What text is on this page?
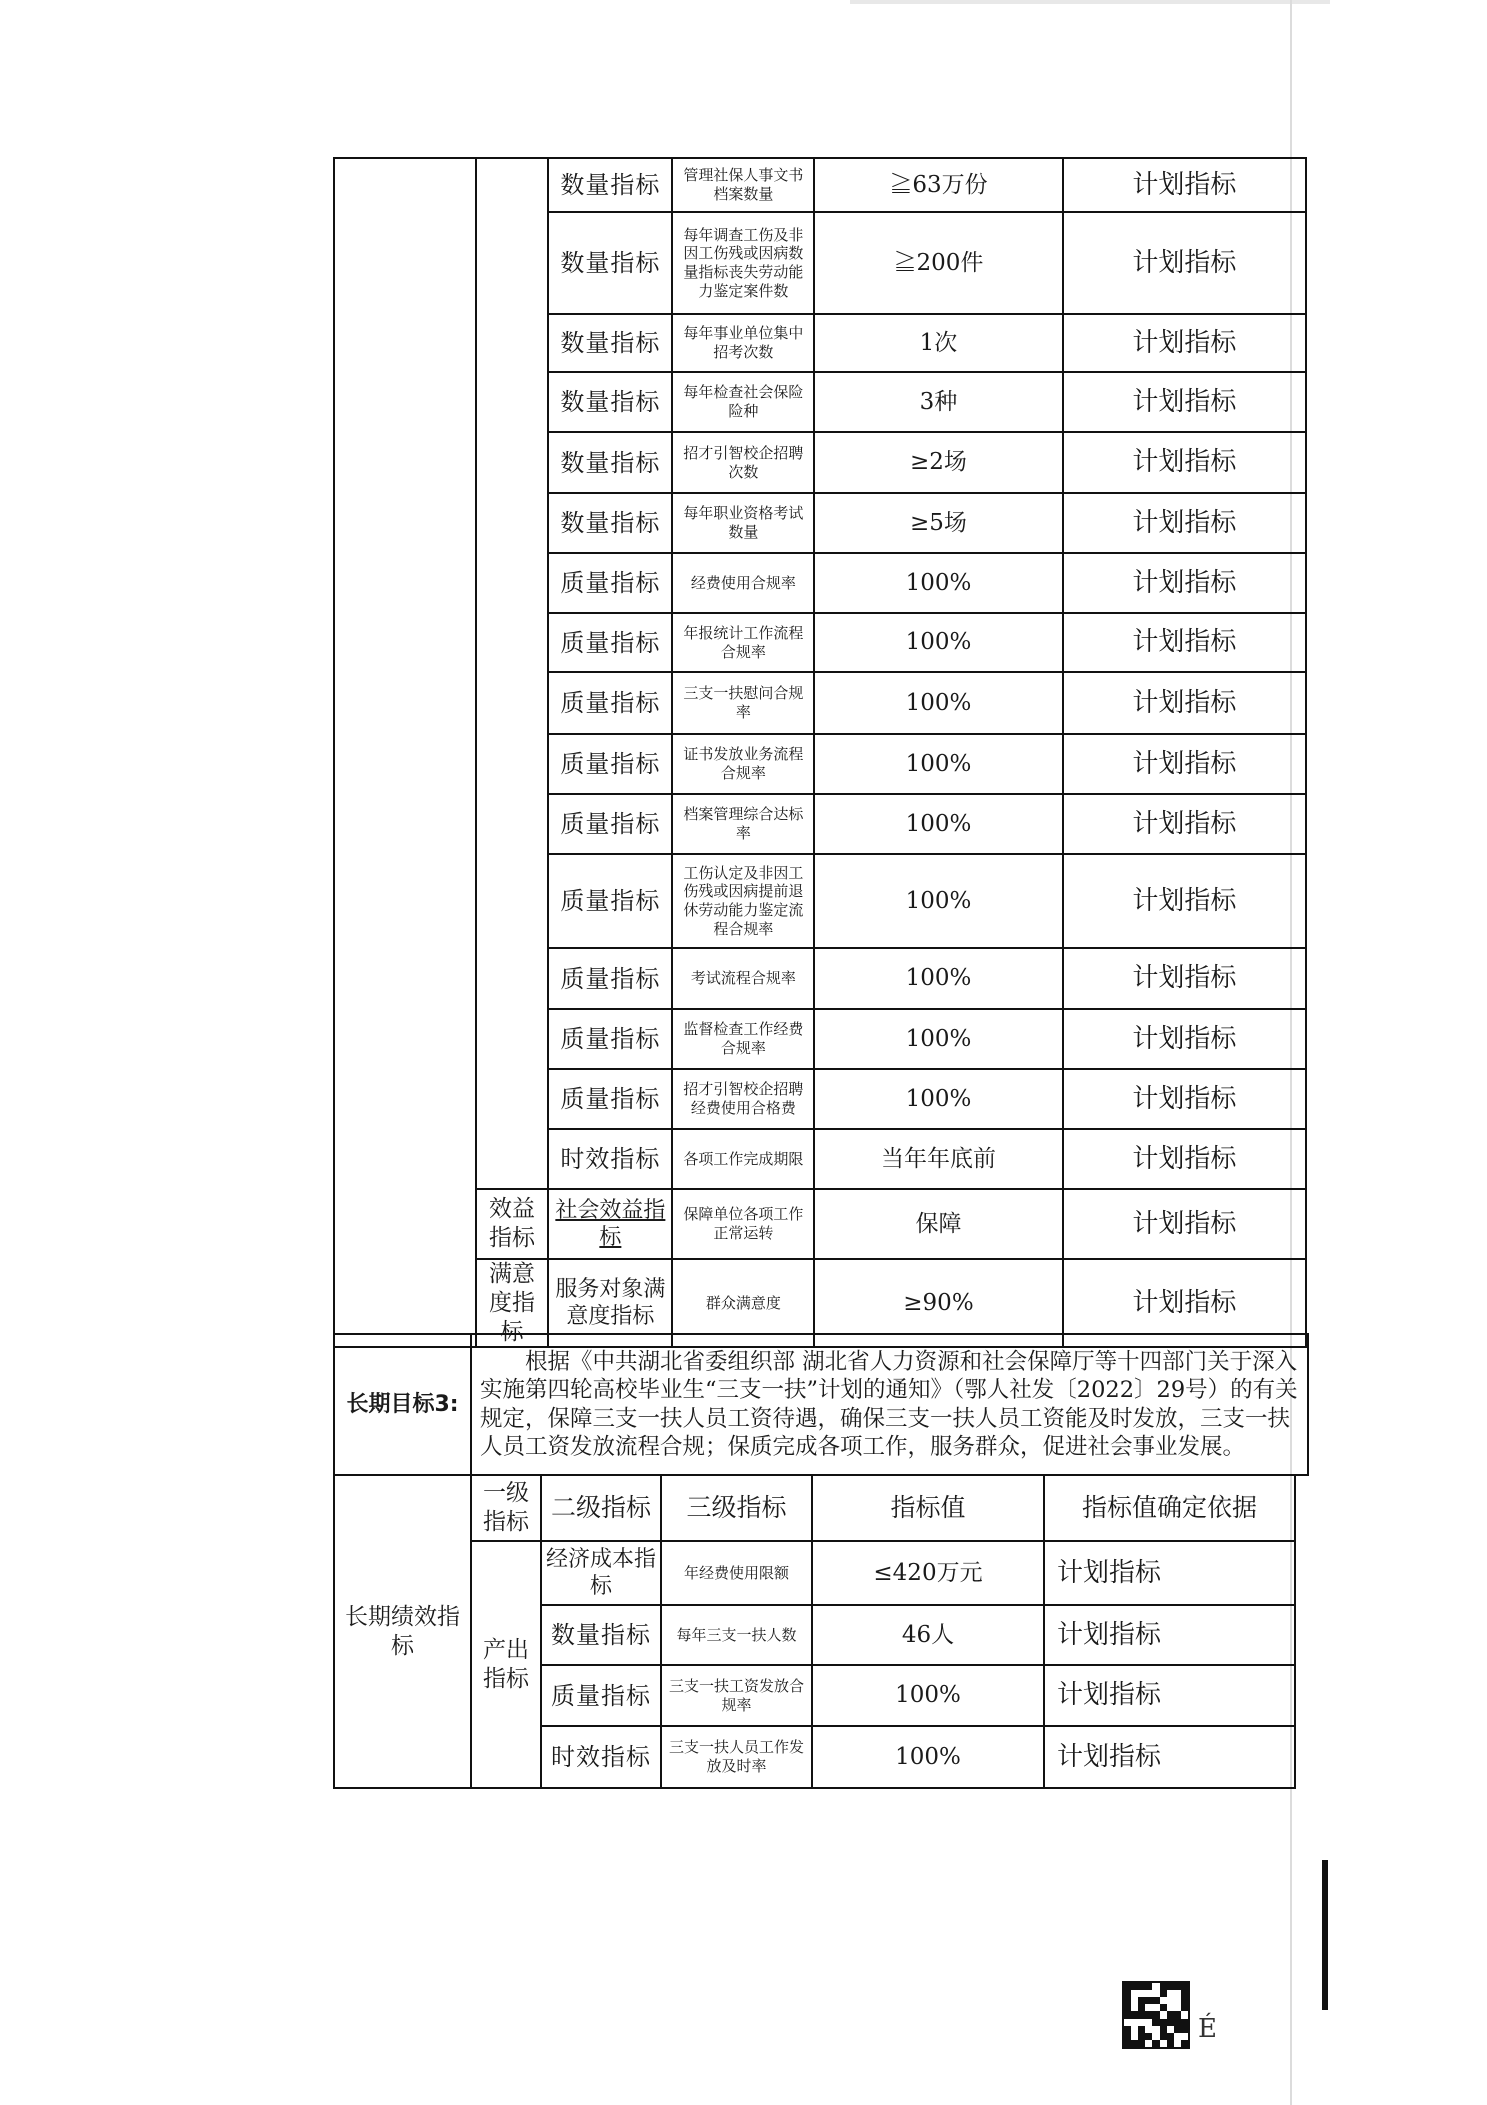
		数量指标	管理社保人事文书档案数量	≧63万份	计划指标
		数量指标	每年调查工伤及非因工伤残或因病数量指标丧失劳动能力鉴定案件数	≧200件	计划指标
		数量指标	每年事业单位集中招考次数	1次	计划指标
		数量指标	每年检查社会保险险种	3种	计划指标
		数量指标	招才引智校企招聘次数	≥2场	计划指标
		数量指标	每年职业资格考试数量	≥5场	计划指标
		质量指标	经费使用合规率	100%	计划指标
		质量指标	年报统计工作流程合规率	100%	计划指标
		质量指标	三支一扶慰问合规率	100%	计划指标
		质量指标	证书发放业务流程合规率	100%	计划指标
		质量指标	档案管理综合达标率	100%	计划指标
		质量指标	工伤认定及非因工伤残或因病提前退休劳动能力鉴定流程合规率	100%	计划指标
		质量指标	考试流程合规率	100%	计划指标
		质量指标	监督检查工作经费合规率	100%	计划指标
		质量指标	招才引智校企招聘经费使用合格费	100%	计划指标
		时效指标	各项工作完成期限	当年年底前	计划指标
	效益指标	社会效益指标	保障单位各项工作正常运转	保障	计划指标
	满意度指标	服务对象满意度指标	群众满意度	≥90%	计划指标
长期目标3:	根据《中共湖北省委组织部 湖北省人力资源和社会保障厅等十四部门关于深入实施第四轮高校毕业生“三支一扶”计划的通知》（鄂人社发〔2022〕29号）的有关规定，保障三支一扶人员工资待遇，确保三支一扶人员工资能及时发放，三支一扶人员工资发放流程合规；保质完成各项工作，服务群众，促进社会事业发展。
长期绩效指标	一级指标	二级指标	三级指标	指标值	指标值确定依据
	产出指标	经济成本指标	年经费使用限额	≤420万元	计划指标
		数量指标	每年三支一扶人数	46人	计划指标
		质量指标	三支一扶工资发放合规率	100%	计划指标
		时效指标	三支一扶人员工作发放及时率	100%	计划指标
É
